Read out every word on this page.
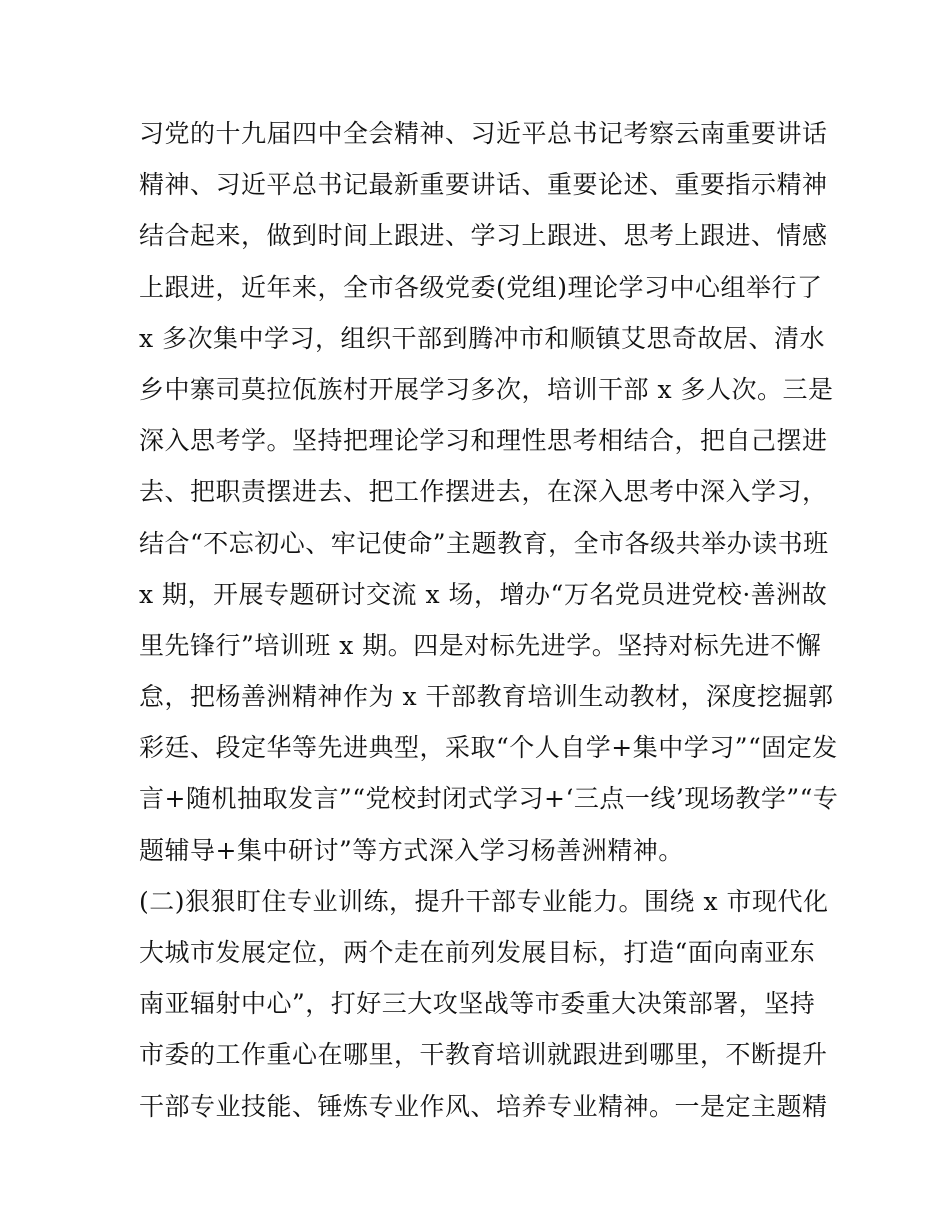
习党的十九届四中全会精神、习近平总书记考察云南重要讲话
精神、习近平总书记最新重要讲话、重要论述、重要指示精神
结合起来，做到时间上跟进、学习上跟进、思考上跟进、情感
上跟进，近年来，全市各级党委(党组)理论学习中心组举行了
x 多次集中学习，组织干部到腾冲市和顺镇艾思奇故居、清水
乡中寨司莫拉佤族村开展学习多次，培训干部 x 多人次。三是
深入思考学。坚持把理论学习和理性思考相结合，把自己摆进
去、把职责摆进去、把工作摆进去，在深入思考中深入学习，
结合“不忘初心、牢记使命”主题教育，全市各级共举办读书班
x 期，开展专题研讨交流 x 场，增办“万名党员进党校·善洲故
里先锋行”培训班 x 期。四是对标先进学。坚持对标先进不懈
怠，把杨善洲精神作为 x 干部教育培训生动教材，深度挖掘郭
彩廷、段定华等先进典型，采取“个人自学+集中学习”“固定发
言+随机抽取发言”“党校封闭式学习+‘三点一线’现场教学”“专
题辅导+集中研讨”等方式深入学习杨善洲精神。
(二)狠狠盯住专业训练，提升干部专业能力。围绕 x 市现代化
大城市发展定位，两个走在前列发展目标，打造“面向南亚东
南亚辐射中心”，打好三大攻坚战等市委重大决策部署，坚持
市委的工作重心在哪里，干教育培训就跟进到哪里，不断提升
干部专业技能、锤炼专业作风、培养专业精神。一是定主题精
